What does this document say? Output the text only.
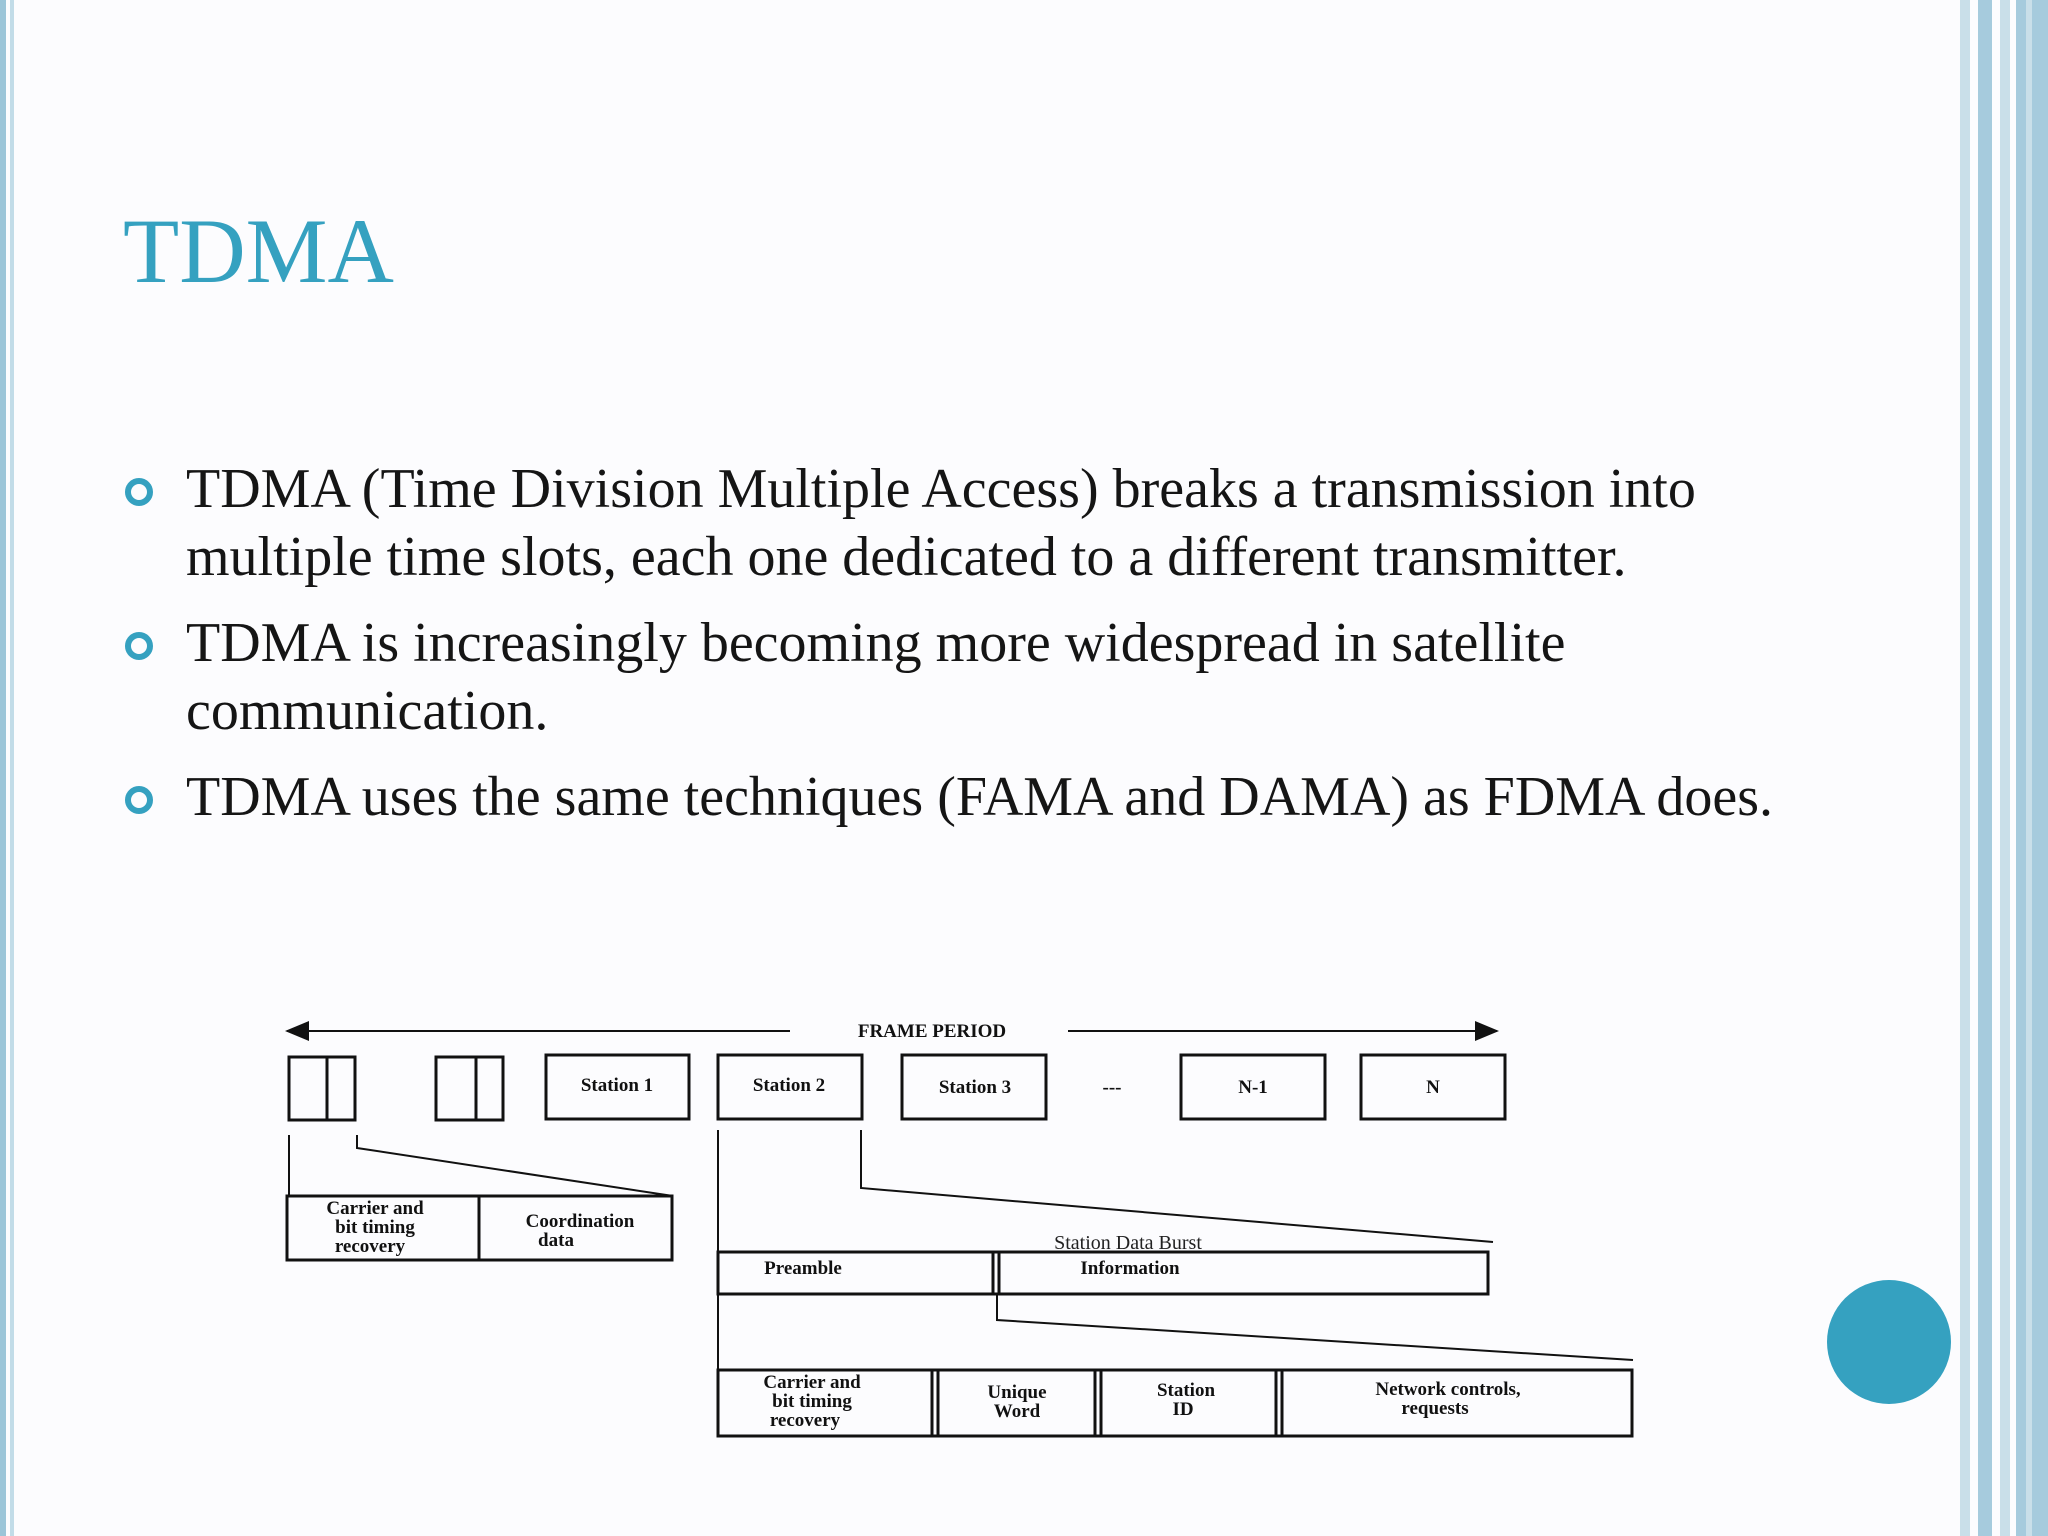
TDMA
TDMA (Time Division Multiple Access) breaks a transmission into multiple time slots, each one dedicated to a different transmitter.
TDMA is increasingly becoming more widespread in satellite communication.
TDMA uses the same techniques (FAMA and DAMA) as FDMA does.
FRAME PERIOD
Station 1	Station 2	Station 3	---	N-1	N
Carrier and
bit timing
recovery
Coordination
data	Station Data Burst
Preamble	Information
Carrier and
bit timing
recovery
Unique
Word
Station
ID
Network controls,
requests
